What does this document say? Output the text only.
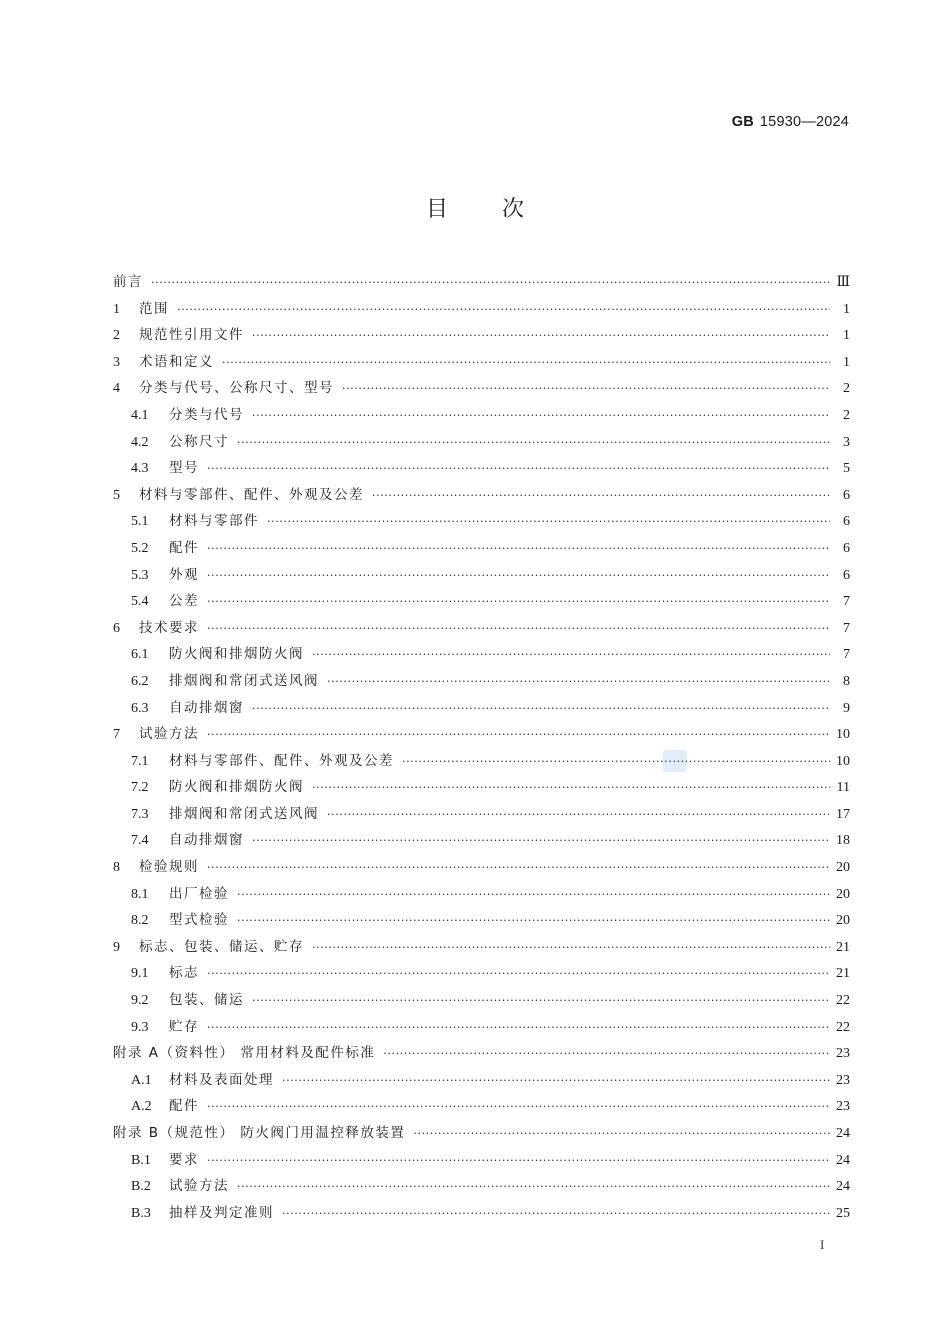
GB 15930—2024
目次
前言 ·····	Ⅲ
1	范围 ·····	1
2	规范性引用文件 ·····	1
3	术语和定义 ·····	1
4	分类与代号、公称尺寸、型号 ·····	2
4.1	分类与代号 ·····	2
4.2	公称尺寸 ·····	3
4.3	型号 ·····	5
5	材料与零部件、配件、外观及公差 ·····	6
5.1	材料与零部件 ·····	6
5.2	配件 ·····	6
5.3	外观 ·····	6
5.4	公差 ·····	7
6	技术要求 ·····	7
6.1	防火阀和排烟防火阀 ·····	7
6.2	排烟阀和常闭式送风阀 ·····	8
6.3	自动排烟窗 ·····	9
7	试验方法 ·····	10
7.1	材料与零部件、配件、外观及公差 ·····	10
7.2	防火阀和排烟防火阀 ·····	11
7.3	排烟阀和常闭式送风阀 ·····	17
7.4	自动排烟窗 ·····	18
8	检验规则 ·····	20
8.1	出厂检验 ·····	20
8.2	型式检验 ·····	20
9	标志、包装、储运、贮存 ·····	21
9.1	标志 ·····	21
9.2	包装、储运 ·····	22
9.3	贮存 ·····	22
附录 A（资料性） 常用材料及配件标准 ·····	23
A.1	材料及表面处理 ·····	23
A.2	配件 ·····	23
附录 B（规范性） 防火阀门用温控释放装置 ·····	24
B.1	要求 ·····	24
B.2	试验方法 ·····	24
B.3	抽样及判定准则 ·····	25
I
